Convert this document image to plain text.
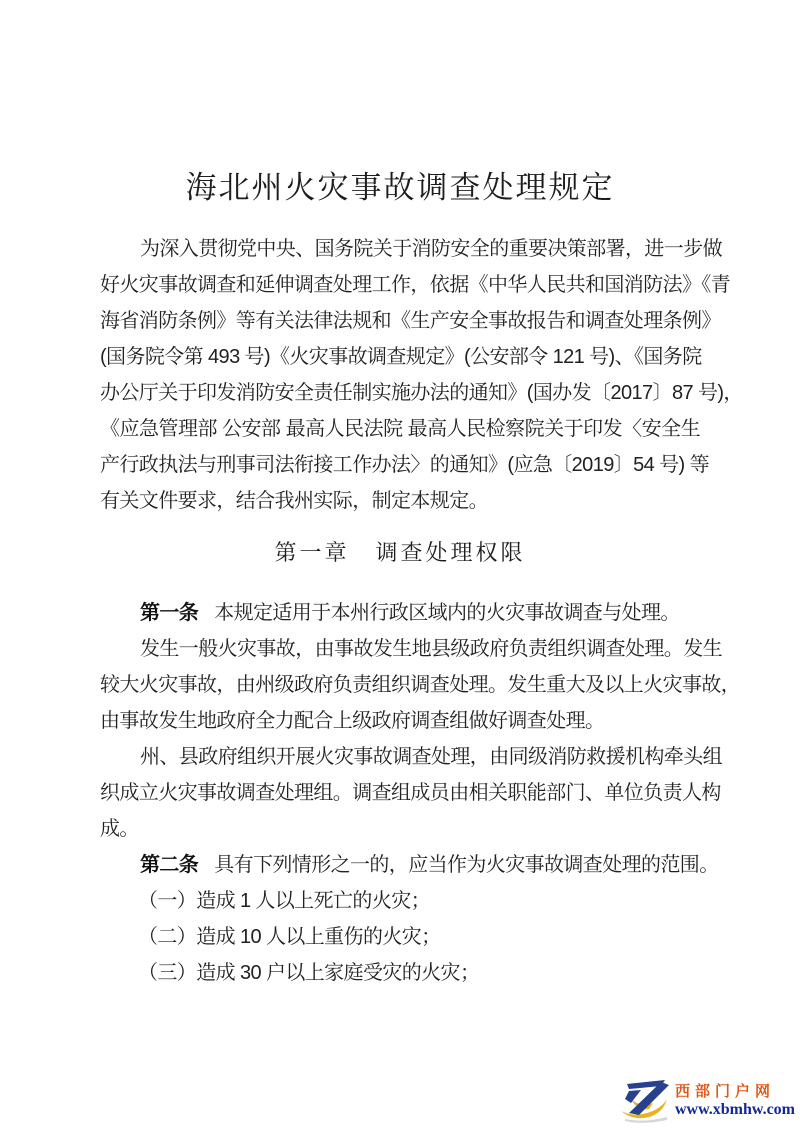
海北州火灾事故调查处理规定
为深入贯彻党中央、国务院关于消防安全的重要决策部署，进一步做
好火灾事故调查和延伸调查处理工作，依据《中华人民共和国消防法》《青
海省消防条例》等有关法律法规和《生产安全事故报告和调查处理条例》
(国务院令第 493 号)《火灾事故调查规定》(公安部令 121 号)、《国务院
办公厅关于印发消防安全责任制实施办法的通知》(国办发〔2017〕87 号)，
《应急管理部 公安部 最高人民法院 最高人民检察院关于印发〈安全生
产行政执法与刑事司法衔接工作办法〉的通知》(应急〔2019〕54 号) 等
有关文件要求，结合我州实际，制定本规定。
第一章 调查处理权限
第一条 本规定适用于本州行政区域内的火灾事故调查与处理。
发生一般火灾事故，由事故发生地县级政府负责组织调查处理。发生
较大火灾事故，由州级政府负责组织调查处理。发生重大及以上火灾事故，
由事故发生地政府全力配合上级政府调查组做好调查处理。
州、县政府组织开展火灾事故调查处理，由同级消防救援机构牵头组
织成立火灾事故调查处理组。调查组成员由相关职能部门、单位负责人构
成。
第二条 具有下列情形之一的，应当作为火灾事故调查处理的范围。
（一）造成 1 人以上死亡的火灾；
（二）造成 10 人以上重伤的火灾；
（三）造成 30 户以上家庭受灾的火灾；
西部门户网
www.xbmhw.com
